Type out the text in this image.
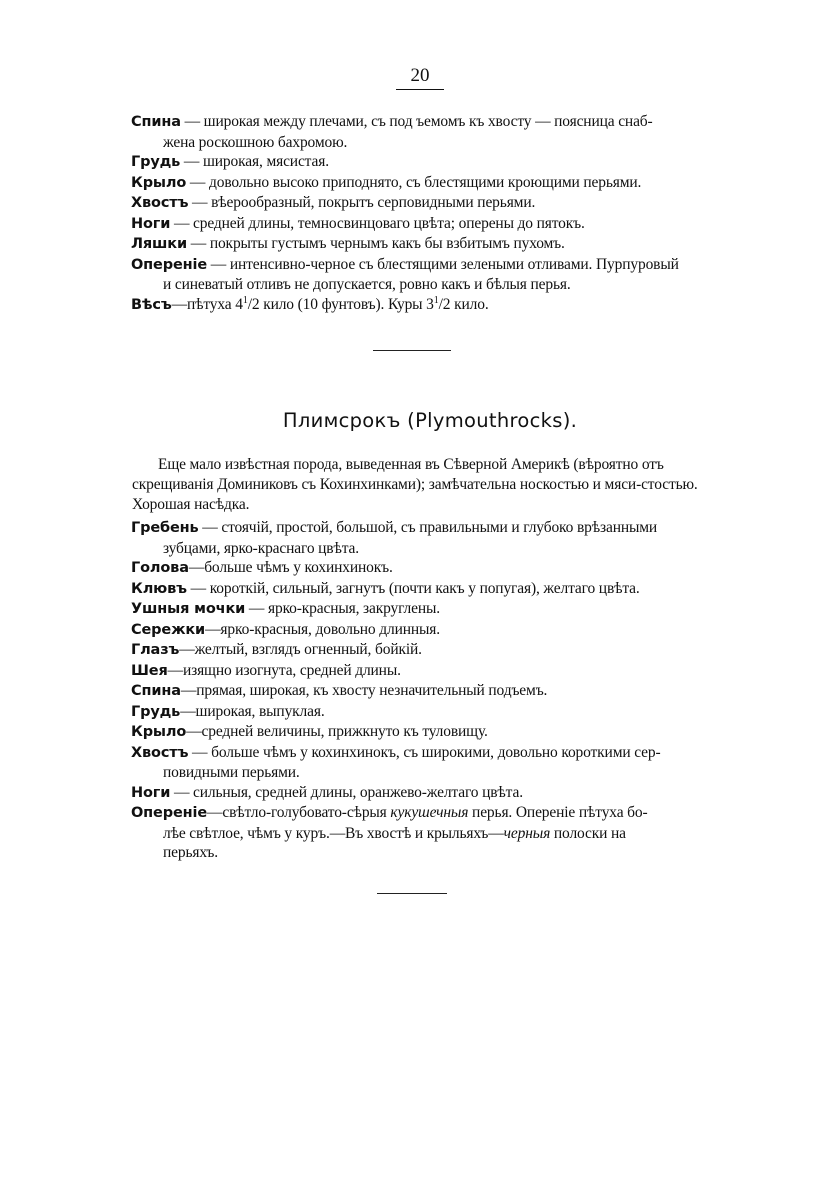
20
Спина — широкая между плечами, съ под ъемомъ къ хвосту — поясница снаб-
жена роскошною бахромою.
Грудь — широкая, мясистая.
Крыло — довольно высоко приподнято, съ блестящими кроющими перьями.
Хвостъ — вѣерообразный, покрытъ серповидными перьями.
Ноги — средней длины, темносвинцоваго цвѣта; оперены до пятокъ.
Ляшки — покрыты густымъ чернымъ какъ бы взбитымъ пухомъ.
Опереніе — интенсивно-черное съ блестящими зелеными отливами. Пурпуровый
и синеватый отливъ не допускается, ровно какъ и бѣлыя перья.
Вѣсъ—пѣтуха $4^1/2$ кило (10 фунтовъ). Куры $3^1/2$ кило.
Плимсрокъ (Plymouthrocks).
Еще мало извѣстная порода, выведенная въ Сѣверной Америкѣ (вѣроятно отъ
скрещиванія Доминиковъ съ Кохинхинками); замѣчательна носкостью и мяси-стостью. Хорошая насѣдка.
Гребень — стоячій, простой, большой, съ правильными и глубоко врѣзанными
зубцами, ярко-краснаго цвѣта.
Голова—больше чѣмъ у кохинхинокъ.
Клювъ — короткій, сильный, загнутъ (почти какъ у попугая), желтаго цвѣта.
Ушныя мочки — ярко-красныя, закруглены.
Сережки—ярко-красныя, довольно длинныя.
Глазъ—желтый, взглядъ огненный, бойкій.
Шея—изящно изогнута, средней длины.
Спина—прямая, широкая, къ хвосту незначительный подъемъ.
Грудь—широкая, выпуклая.
Крыло—средней величины, прижкнуто къ туловищу.
Хвостъ — больше чѣмъ у кохинхинокъ, съ широкими, довольно короткими сер-
повидными перьями.
Ноги — сильныя, средней длины, оранжево-желтаго цвѣта.
Опереніе—свѣтло-голубовато-сѣрыя кукушечныя перья. Опереніе пѣтуха бо-
лѣе свѣтлое, чѣмъ у куръ.—Въ хвостѣ и крыльяхъ—черныя полоски на
перьяхъ.
